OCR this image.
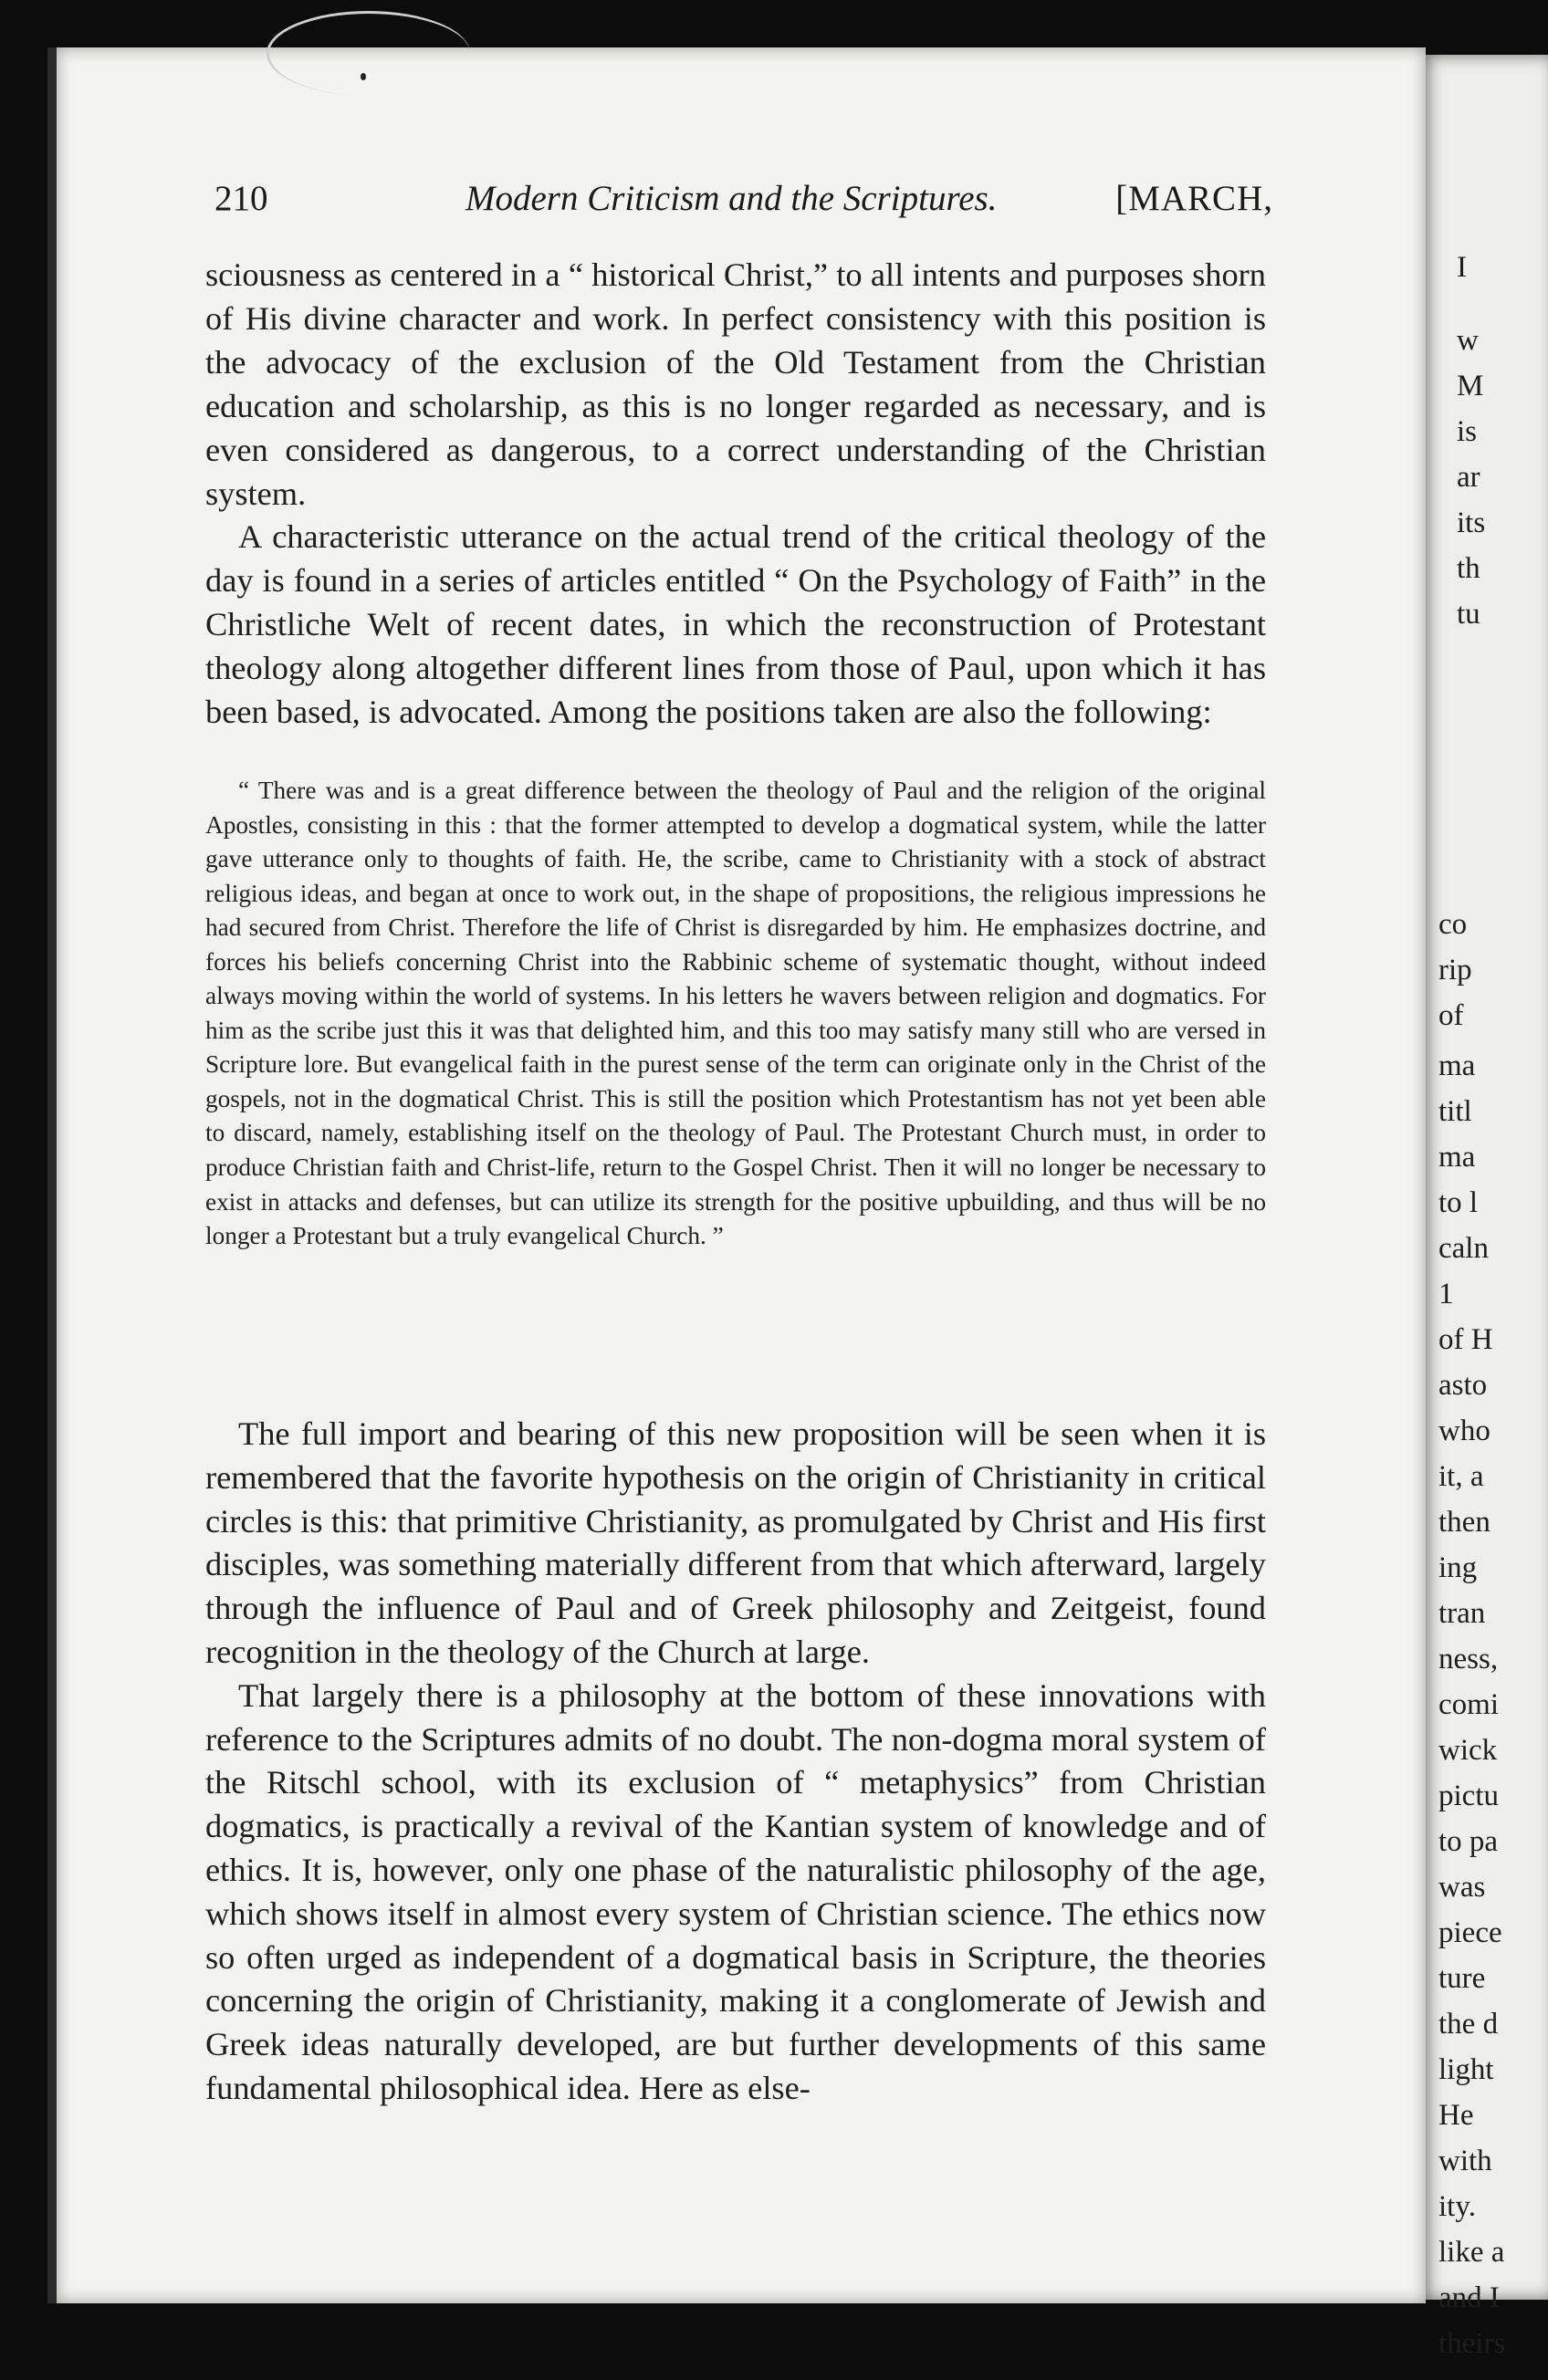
I
w
M
is
ar
its
th
tu
co
rip
of
ma
titl
ma
to l
caln
1
of H
asto
who
it, a
then
ing
tran
ness,
comi
wick
pictu
to pa
was
piece
ture
the d
light
He
with
ity.
like a
and I
theirs
210	Modern Criticism and the Scriptures.	[MARCH,

sciousness as centered in a “ historical Christ,” to all intents and purposes shorn of His divine character and work. In perfect consistency with this position is the advocacy of the exclusion of the Old Testament from the Christian education and scholarship, as this is no longer regarded as necessary, and is even considered as dangerous, to a correct understanding of the Christian system.

A characteristic utterance on the actual trend of the critical theology of the day is found in a series of articles entitled “ On the Psychology of Faith” in the Christliche Welt of recent dates, in which the reconstruction of Protestant theology along altogether different lines from those of Paul, upon which it has been based, is advocated. Among the positions taken are also the following:

“ There was and is a great difference between the theology of Paul and the religion of the original Apostles, consisting in this : that the former attempted to develop a dogmatical system, while the latter gave utterance only to thoughts of faith. He, the scribe, came to Christianity with a stock of abstract religious ideas, and began at once to work out, in the shape of propositions, the religious impressions he had secured from Christ. Therefore the life of Christ is disregarded by him. He emphasizes doctrine, and forces his beliefs concerning Christ into the Rabbinic scheme of systematic thought, without indeed always moving within the world of systems. In his letters he wavers between religion and dogmatics. For him as the scribe just this it was that delighted him, and this too may satisfy many still who are versed in Scripture lore. But evangelical faith in the purest sense of the term can originate only in the Christ of the gospels, not in the dogmatical Christ. This is still the position which Protestantism has not yet been able to discard, namely, establishing itself on the theology of Paul. The Protestant Church must, in order to produce Christian faith and Christ-life, return to the Gospel Christ. Then it will no longer be necessary to exist in attacks and defenses, but can utilize its strength for the positive upbuilding, and thus will be no longer a Protestant but a truly evangelical Church. ”

The full import and bearing of this new proposition will be seen when it is remembered that the favorite hypothesis on the origin of Christianity in critical circles is this: that primitive Christianity, as promulgated by Christ and His first disciples, was something materially different from that which afterward, largely through the influence of Paul and of Greek philosophy and Zeitgeist, found recognition in the theology of the Church at large.

That largely there is a philosophy at the bottom of these innovations with reference to the Scriptures admits of no doubt. The non-dogma moral system of the Ritschl school, with its exclusion of “ metaphysics” from Christian dogmatics, is practically a revival of the Kantian system of knowledge and of ethics. It is, however, only one phase of the naturalistic philosophy of the age, which shows itself in almost every system of Christian science. The ethics now so often urged as independent of a dogmatical basis in Scripture, the theories concerning the origin of Christianity, making it a conglomerate of Jewish and Greek ideas naturally developed, are but further developments of this same fundamental philosophical idea. Here as else-
